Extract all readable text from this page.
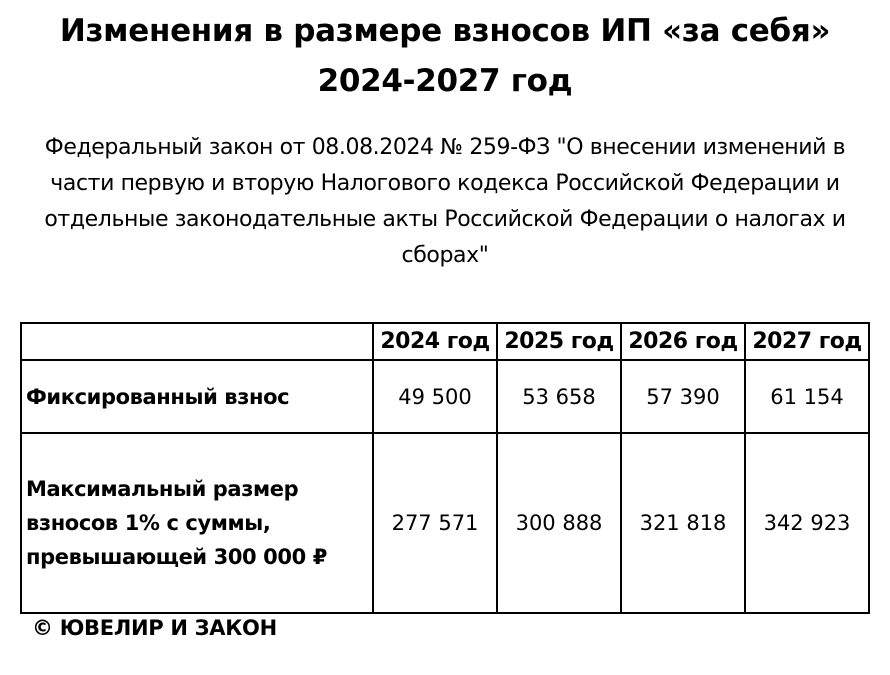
Изменения в размере взносов ИП «за себя»
2024-2027 год
Федеральный закон от 08.08.2024 № 259-ФЗ "О внесении изменений в
части первую и вторую Налогового кодекса Российской Федерации и
отдельные законодательные акты Российской Федерации о налогах и
сборах"
	2024 год	2025 год	2026 год	2027 год

Фиксированный взнос	49 500	53 658	57 390	61 154

Максимальный размер
взносов 1% с суммы,
превышающей 300 000 ₽	277 571	300 888	321 818	342 923
© ЮВЕЛИР И ЗАКОН
